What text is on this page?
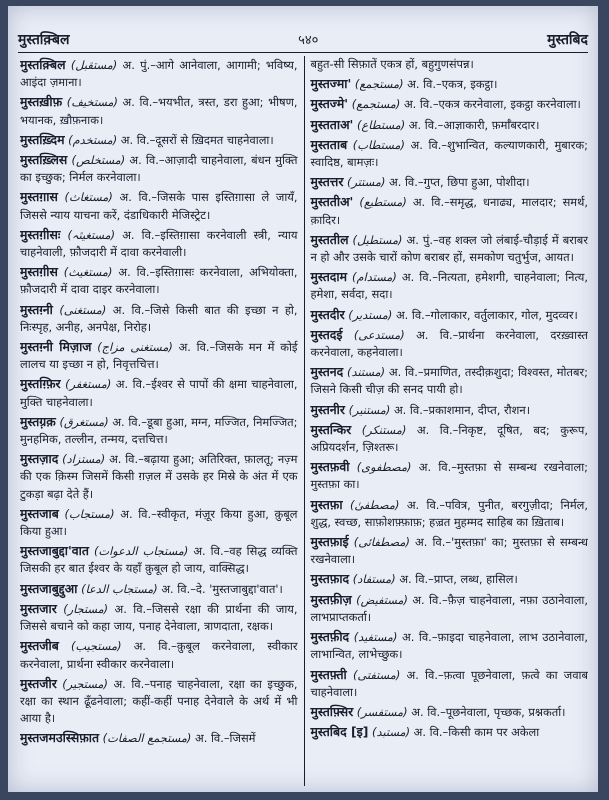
मुस्तक़्बिल	५४०	मुस्तबिद
मुस्तक़्बिल (مستقبل) अ. पुं.–आगे आनेवाला, आगामी; भविष्य, आइंदा ज़माना।
मुस्तख़ीफ़ (مستخیف) अ. वि.–भयभीत, त्रस्त, डरा हुआ; भीषण, भयानक, ख़ौफ़नाक।
मुस्तख़्दिम (مستخدم) अ. वि.–दूसरों से ख़िदमत चाहनेवाला।
मुस्तख़्लिस (مستخلص) अ. वि.–आज़ादी चाहनेवाला, बंधन मुक्ति का इच्छुक; निर्मल करनेवाला।
मुस्तग़ास (مستغاث) अ. वि.–जिसके पास इस्तिग़ासा ले जायँ, जिससे न्याय याचना करें, दंडाधिकारी मेजिस्ट्रेट।
मुस्तग़ीसः (مستغیثہ) अ. वि.–इस्तिग़ासा करनेवाली स्त्री, न्याय चाहनेवाली, फ़ौजदारी में दावा करनेवाली।
मुस्तग़ीस (مستغیث) अ. वि.–इस्तिग़ासः करनेवाला, अभियोक्ता, फ़ौजदारी में दावा दाइर करनेवाला।
मुस्तग़्नी (مستغنی) अ. वि.–जिसे किसी बात की इच्छा न हो, निःस्पृह, अनीह, अनपेक्ष, निरोह।
मुस्तग़्नी मिज़ाज (مستغنی مزاج) अ. वि.–जिसके मन में कोई लालच या इच्छा न हो, निवृत्तचित्त।
मुस्तग़्फ़िर (مستغفر) अ. वि.–ईश्वर से पापों की क्षमा चाहनेवाला, मुक्ति चाहनेवाला।
मुस्तग़्रक़ (مستغرق) अ. वि.–डूबा हुआ, मग्न, मज्जित, निमज्जित; मुनहमिक, तल्लीन, तन्मय, दत्तचित्त।
मुस्तज़ाद (مستزاد) अ. वि.–बढ़ाया हुआ; अतिरिक्त, फ़ालतू; नज़्म की एक क़िस्म जिसमें किसी ग़ज़ल में उसके हर मिस्रे के अंत में एक टुकड़ा बढ़ा देते हैं।
मुस्तजाब (مستجاب) अ. वि.–स्वीकृत, मंज़ूर किया हुआ, क़ुबूल किया हुआ।
मुस्तजाबुद्दा'वात (مستجاب الدعوات) अ. वि.–वह सिद्ध व्यक्ति जिसकी हर बात ईश्वर के यहाँ क़ुबूल हो जाय, वाक्सिद्ध।
मुस्तजाबुद्दुआ (مستجاب الدعا) अ. वि.–दे. 'मुस्तजाबुद्दा'वात'।
मुस्तजार (مستجار) अ. वि.–जिससे रक्षा की प्रार्थना की जाय, जिससे बचाने को कहा जाय, पनाह देनेवाला, त्राणदाता, रक्षक।
मुस्तजीब (مستجیب) अ. वि.–क़ुबूल करनेवाला, स्वीकार करनेवाला, प्रार्थना स्वीकार करनेवाला।
मुस्तजीर (مستجیر) अ. वि.–पनाह चाहनेवाला, रक्षा का इच्छुक, रक्षा का स्थान ढूँढनेवाला; कहीं-कहीं पनाह देनेवाले के अर्थ में भी आया है।
मुस्तजमउस्सिफ़ात (مستجمع الصفات) अ. वि.–जिसमें
बहुत-सी सिफ़ातें एकत्र हों, बहुगुणसंपन्न।
मुस्तज्मा' (مستجمع) अ. वि.–एकत्र, इकट्ठा।
मुस्तज्मे' (مستجمع) अ. वि.–एकत्र करनेवाला, इकट्ठा करनेवाला।
मुस्तताअ' (مستطاع) अ. वि.–आज्ञाकारी, फ़र्माँबरदार।
मुस्तताब (مستطاب) अ. वि.–शुभान्वित, कल्याणकारी, मुबारक; स्वादिष्ठ, बामज़ः।
मुस्तत्तर (مستتر) अ. वि.–गुप्त, छिपा हुआ, पोशीदा।
मुस्ततीअ' (مستطیع) अ. वि.–समृद्ध, धनाढ्य, मालदार; समर्थ, क़ादिर।
मुस्ततील (مستطیل) अ. पुं.–वह शक्ल जो लंबाई-चौड़ाई में बराबर न हो और उसके चारों कोण बराबर हों, समकोण चतुर्भुज, आयत।
मुस्तदाम (مستدام) अ. वि.–नित्यता, हमेशगी, चाहनेवाला; नित्य, हमेशा, सर्वदा, सदा।
मुस्तदीर (مستدیر) अ. वि.–गोलाकार, वर्तुलाकार, गोल, मुदव्वर।
मुस्तदई (مستدعی) अ. वि.–प्रार्थना करनेवाला, दरख़्वास्त करनेवाला, कहनेवाला।
मुस्तनद (مستند) अ. वि.–प्रमाणित, तस्दीक़शुदा; विश्वस्त, मोतबर; जिसने किसी चीज़ की सनद पायी हो।
मुस्तनीर (مستنیر) अ. वि.–प्रकाशमान, दीप्त, रौशन।
मुस्तन्किर (مستنکر) अ. वि.–निकृष्ट, दूषित, बद; कुरूप, अप्रियदर्शन, ज़िश्तरू।
मुस्तफ़वी (مصطفوی) अ. वि.–मुस्तफ़ा से सम्बन्ध रखनेवाला; मुस्तफ़ा का।
मुस्तफ़ा (مصطفیٰ) अ. वि.–पवित्र, पुनीत, बरगुज़ीदा; निर्मल, शुद्ध, स्वच्छ, साफ़ोशफ़्फ़ाफ़; हज़्रत मुहम्मद साहिब का ख़िताब।
मुस्तफ़ाई (مصطفائی) अ. वि.–'मुस्तफ़ा' का; मुस्तफ़ा से सम्बन्ध रखनेवाला।
मुस्तफ़ाद (مستفاد) अ. वि.–प्राप्त, लब्ध, हासिल।
मुस्तफ़ीज़ (مستفیض) अ. वि.–फ़ैज़ चाहनेवाला, नफ़ा उठानेवाला, लाभप्राप्तकर्ता।
मुस्तफ़ीद (مستفید) अ. वि.–फ़ाइदा चाहनेवाला, लाभ उठानेवाला, लाभान्वित, लाभेच्छुक।
मुस्तफ़्ती (مستفتی) अ. वि.–फ़त्वा पूछनेवाला, फ़त्वे का जवाब चाहनेवाला।
मुस्तफ़्सिर (مستفسر) अ. वि.–पूछनेवाला, पृच्छक, प्रश्नकर्ता।
मुस्तबिद [इ] (مستبد) अ. वि.–किसी काम पर अकेला
